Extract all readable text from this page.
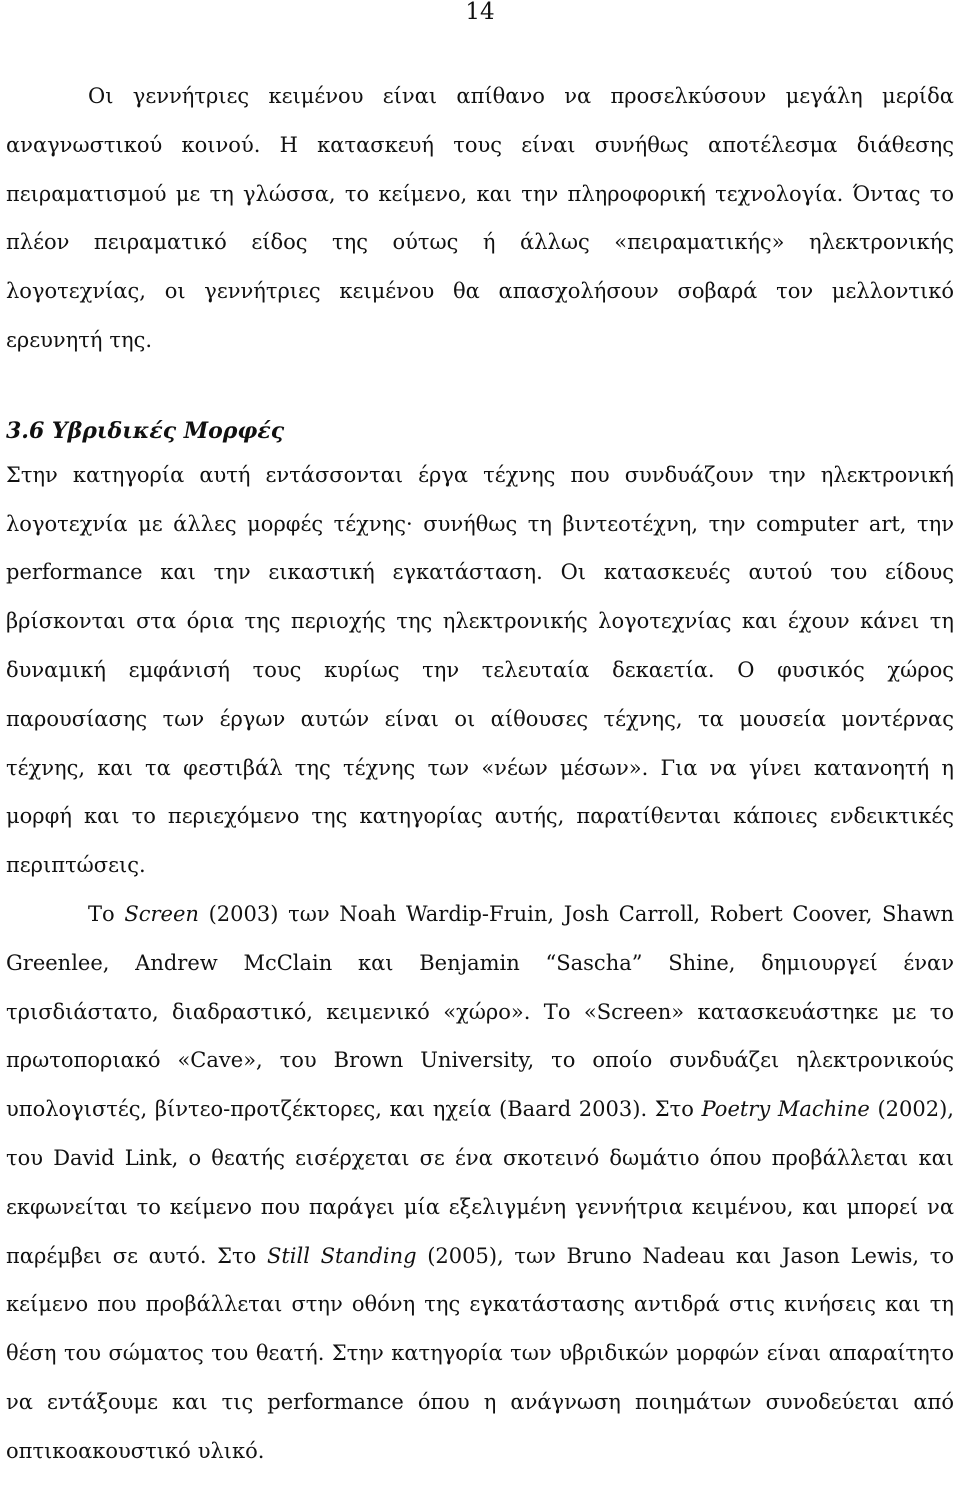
14

Οι γεννήτριες κειμένου είναι απίθανο να προσελκύσουν μεγάλη μερίδα αναγνωστικού κοινού. Η κατασκευή τους είναι συνήθως αποτέλεσμα διάθεσης πειραματισμού με τη γλώσσα, το κείμενο, και την πληροφορική τεχνολογία. Όντας το πλέον πειραματικό είδος της ούτως ή άλλως «πειραματικής» ηλεκτρονικής λογοτεχνίας, οι γεννήτριες κειμένου θα απασχολήσουν σοβαρά τον μελλοντικό ερευνητή της.

3.6 Υβριδικές Μορφές

Στην κατηγορία αυτή εντάσσονται έργα τέχνης που συνδυάζουν την ηλεκτρονική λογοτεχνία με άλλες μορφές τέχνης· συνήθως τη βιντεοτέχνη, την computer art, την performance και την εικαστική εγκατάσταση. Οι κατασκευές αυτού του είδους βρίσκονται στα όρια της περιοχής της ηλεκτρονικής λογοτεχνίας και έχουν κάνει τη δυναμική εμφάνισή τους κυρίως την τελευταία δεκαετία. Ο φυσικός χώρος παρουσίασης των έργων αυτών είναι οι αίθουσες τέχνης, τα μουσεία μοντέρνας τέχνης, και τα φεστιβάλ της τέχνης των «νέων μέσων». Για να γίνει κατανοητή η μορφή και το περιεχόμενο της κατηγορίας αυτής, παρατίθενται κάποιες ενδεικτικές περιπτώσεις.

Το Screen (2003) των Noah Wardip-Fruin, Josh Carroll, Robert Coover, Shawn Greenlee, Andrew McClain και Benjamin “Sascha” Shine, δημιουργεί έναν τρισδιάστατο, διαδραστικό, κειμενικό «χώρο». Το «Screen» κατασκευάστηκε με το πρωτοποριακό «Cave», του Brown University, το οποίο συνδυάζει ηλεκτρονικούς υπολογιστές, βίντεο-προτζέκτορες, και ηχεία (Baard 2003). Στο Poetry Machine (2002), του David Link, ο θεατής εισέρχεται σε ένα σκοτεινό δωμάτιο όπου προβάλλεται και εκφωνείται το κείμενο που παράγει μία εξελιγμένη γεννήτρια κειμένου, και μπορεί να παρέμβει σε αυτό. Στο Still Standing (2005), των Bruno Nadeau και Jason Lewis, το κείμενο που προβάλλεται στην οθόνη της εγκατάστασης αντιδρά στις κινήσεις και τη θέση του σώματος του θεατή. Στην κατηγορία των υβριδικών μορφών είναι απαραίτητο να εντάξουμε και τις performance όπου η ανάγνωση ποιημάτων συνοδεύεται από οπτικοακουστικό υλικό.
